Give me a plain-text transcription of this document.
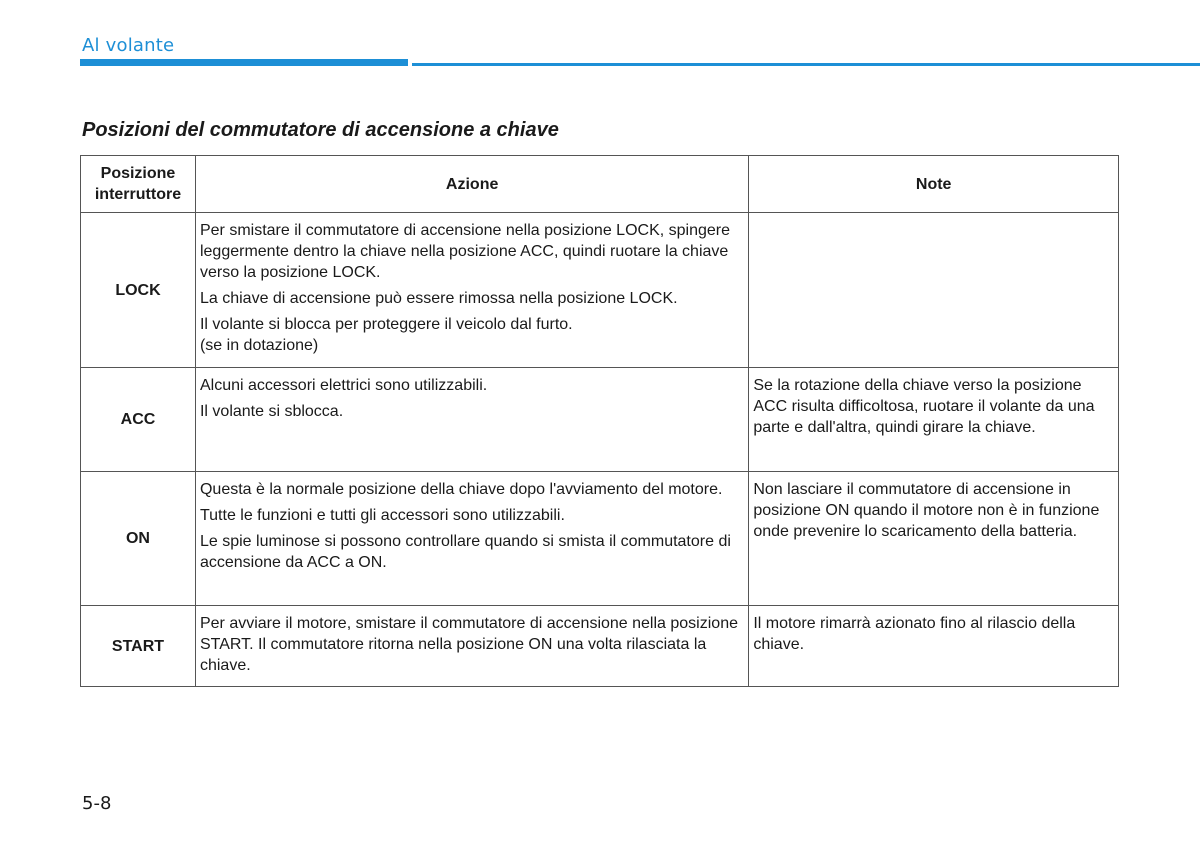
Al volante
Posizioni del commutatore di accensione a chiave
Posizione
interruttore	Azione	Note
LOCK	Per smistare il commutatore di accensione nella posizione LOCK, spingere leggermente dentro la chiave nella posizione ACC, quindi ruotare la chiave verso la posizione LOCK.

La chiave di accensione può essere rimossa nella posizione LOCK.

Il volante si blocca per proteggere il veicolo dal furto.
(se in dotazione)	

ACC	Alcuni accessori elettrici sono utilizzabili.

Il volante si sblocca.	Se la rotazione della chiave verso la posizione ACC risulta difficoltosa, ruotare il volante da una parte e dall'altra, quindi girare la chiave.
ON	Questa è la normale posizione della chiave dopo l'avviamento del motore.

Tutte le funzioni e tutti gli accessori sono utilizzabili.

Le spie luminose si possono controllare quando si smista il commutatore di accensione da ACC a ON.	Non lasciare il commutatore di accensione in posizione ON quando il motore non è in funzione onde prevenire lo scaricamento della batteria.
START	Per avviare il motore, smistare il commutatore di accensione nella posizione START. Il commutatore ritorna nella posizione ON una volta rilasciata la chiave.	Il motore rimarrà azionato fino al rilascio della chiave.
5-8
